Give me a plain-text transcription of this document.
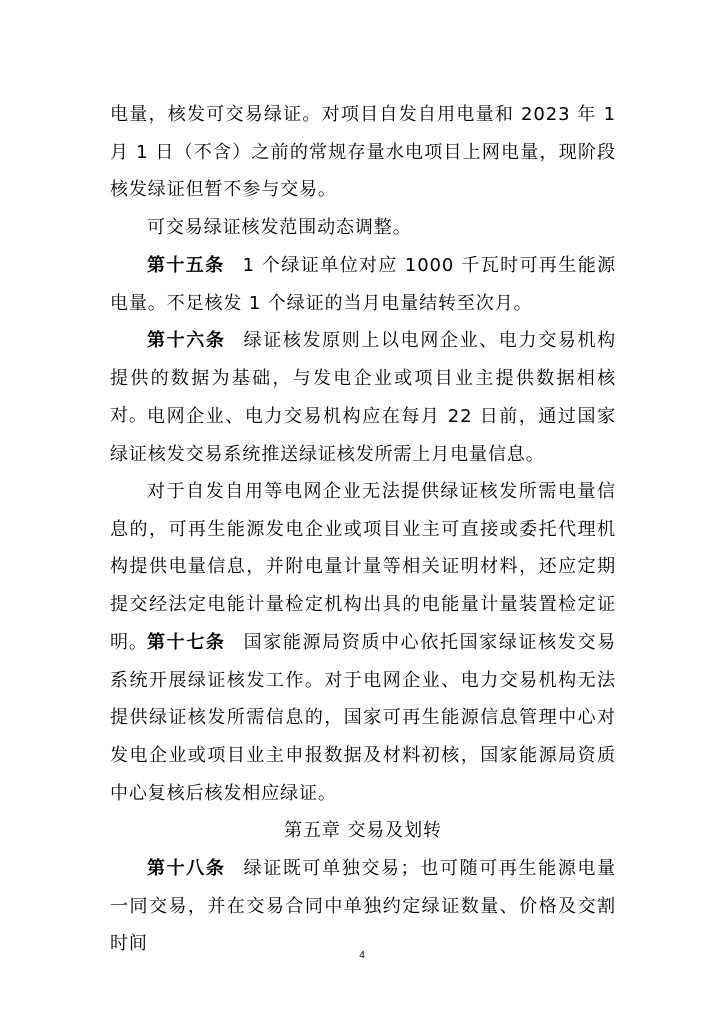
电量，核发可交易绿证。对项目自发自用电量和 2023 年 1 月 1 日（不含）之前的常规存量水电项目上网电量，现阶段核发绿证但暂不参与交易。

可交易绿证核发范围动态调整。

第十五条 1 个绿证单位对应 1000 千瓦时可再生能源电量。不足核发 1 个绿证的当月电量结转至次月。

第十六条 绿证核发原则上以电网企业、电力交易机构提供的数据为基础，与发电企业或项目业主提供数据相核对。 电网企业、电力交易机构应在每月 22 日前，通过国家绿证核发交易系统推送绿证核发所需上月电量信息。

对于自发自用等电网企业无法提供绿证核发所需电量信息的，可再生能源发电企业或项目业主可直接或委托代理机构提供电量信息，并附电量计量等相关证明材料，还应定期提交经法定电能计量检定机构出具的电能量计量装置检定证明。 第十七条 国家能源局资质中心依托国家绿证核发交易系统开展绿证核发工作。对于电网企业、电力交易机构无法提供绿证核发所需信息的，国家可再生能源信息管理中心对发电企业或项目业主申报数据及材料初核，国家能源局资质中心复核后核发相应绿证。

第五章 交易及划转

第十八条 绿证既可单独交易；也可随可再生能源电量一同交易，并在交易合同中单独约定绿证数量、价格及交割时间

4
